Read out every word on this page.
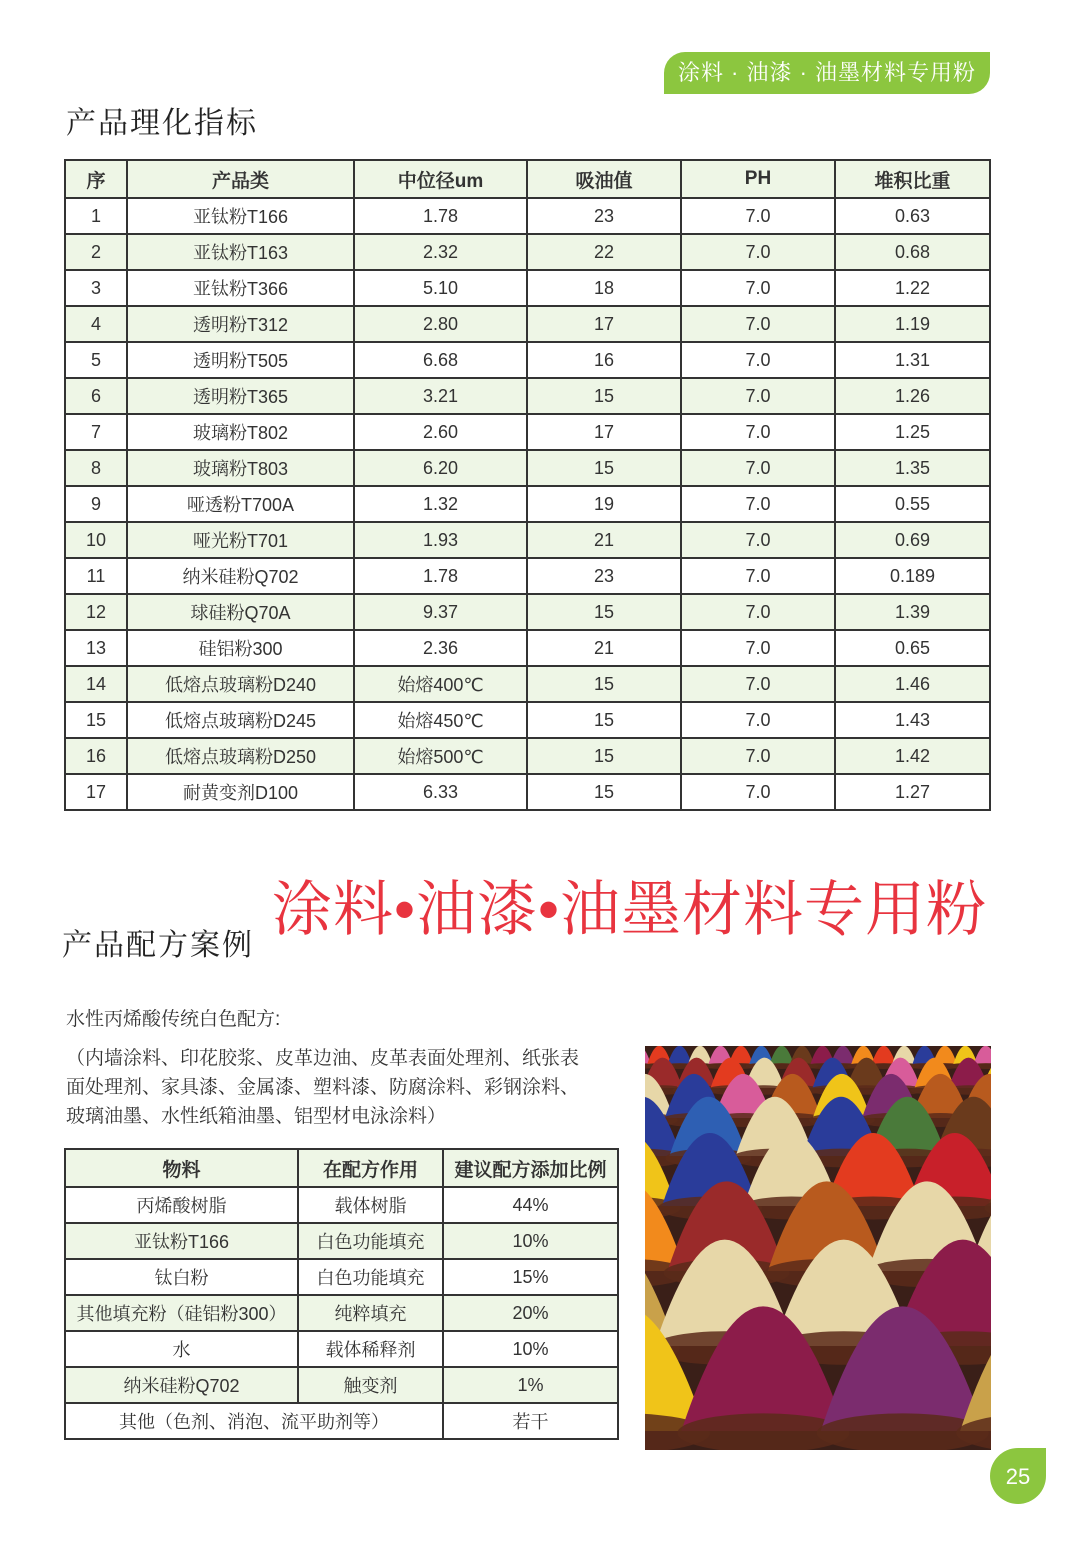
涂料 · 油漆 · 油墨材料专用粉
产品理化指标
序	产品类	中位径um	吸油值	PH	堆积比重
1	亚钛粉T166	1.78	23	7.0	0.63
2	亚钛粉T163	2.32	22	7.0	0.68
3	亚钛粉T366	5.10	18	7.0	1.22
4	透明粉T312	2.80	17	7.0	1.19
5	透明粉T505	6.68	16	7.0	1.31
6	透明粉T365	3.21	15	7.0	1.26
7	玻璃粉T802	2.60	17	7.0	1.25
8	玻璃粉T803	6.20	15	7.0	1.35
9	哑透粉T700A	1.32	19	7.0	0.55
10	哑光粉T701	1.93	21	7.0	0.69
11	纳米硅粉Q702	1.78	23	7.0	0.189
12	球硅粉Q70A	9.37	15	7.0	1.39
13	硅铝粉300	2.36	21	7.0	0.65
14	低熔点玻璃粉D240	始熔400℃	15	7.0	1.46
15	低熔点玻璃粉D245	始熔450℃	15	7.0	1.43
16	低熔点玻璃粉D250	始熔500℃	15	7.0	1.42
17	耐黄变剂D100	6.33	15	7.0	1.27
涂料•油漆•油墨材料专用粉
产品配方案例
水性丙烯酸传统白色配方:
（内墙涂料、印花胶浆、皮革边油、皮革表面处理剂、纸张表面处理剂、家具漆、金属漆、塑料漆、防腐涂料、彩钢涂料、玻璃油墨、水性纸箱油墨、铝型材电泳涂料）
物料	在配方作用	建议配方添加比例
丙烯酸树脂	载体树脂	44%
亚钛粉T166	白色功能填充	10%
钛白粉	白色功能填充	15%
其他填充粉（硅铝粉300）	纯粹填充	20%
水	载体稀释剂	10%
纳米硅粉Q702	触变剂	1%
其他（色剂、消泡、流平助剂等）		若干
25
